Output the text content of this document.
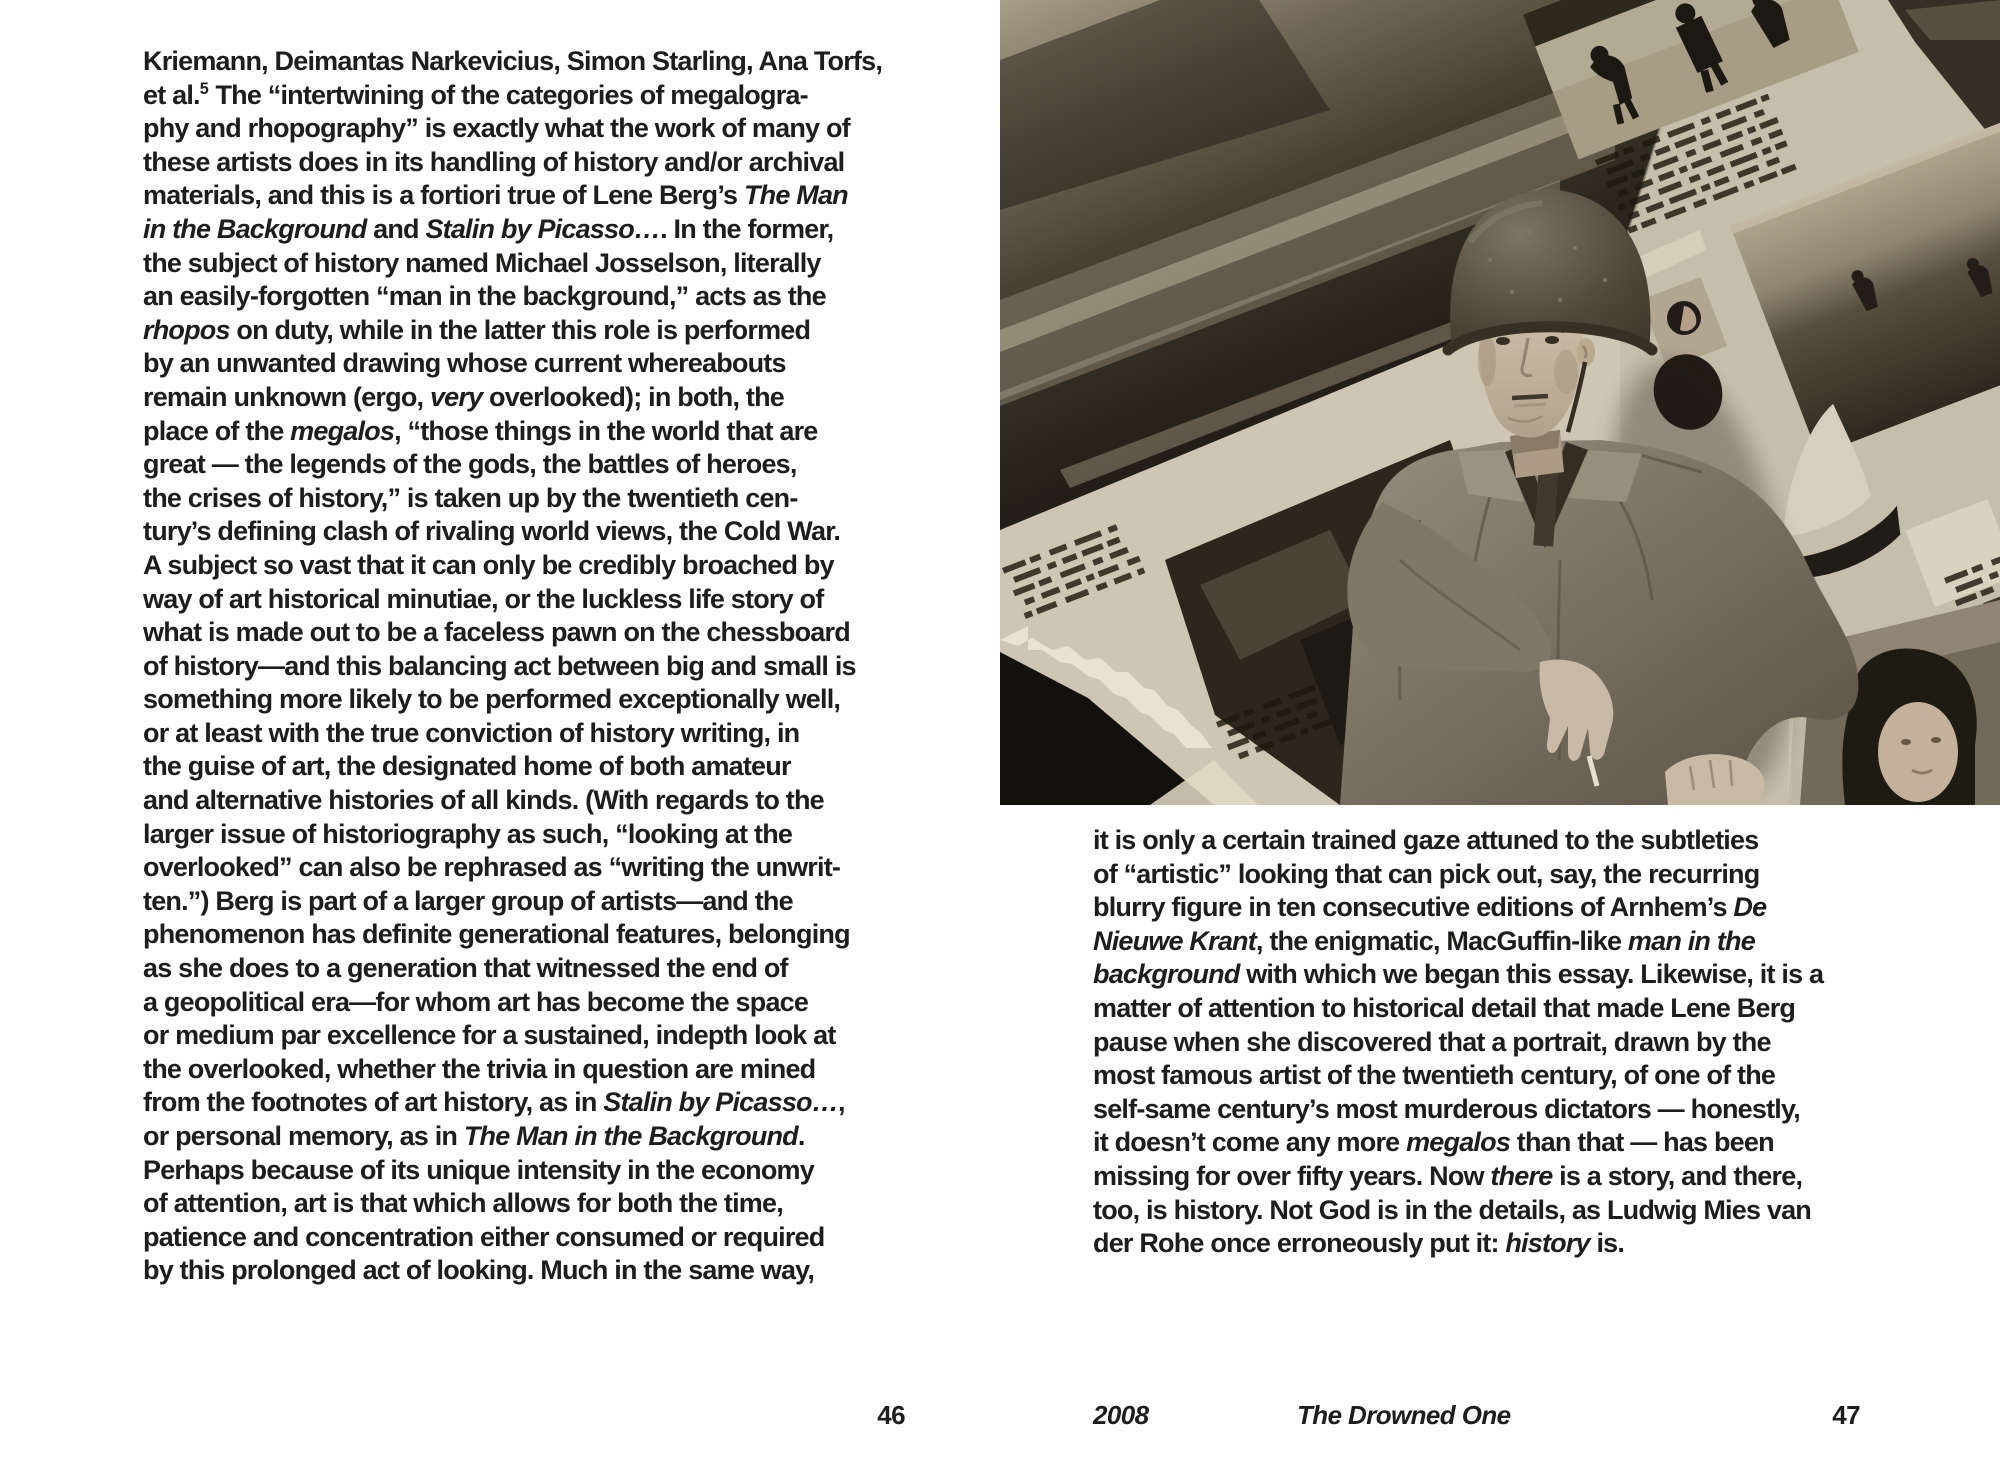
Kriemann, Deimantas Narkevicius, Simon Starling, Ana Torfs,
et al.$^5$ The “intertwining of the categories of megalogra-
phy and rhopography” is exactly what the work of many of
these artists does in its handling of history and/or archival
materials, and this is a fortiori true of Lene Berg’s The Man
in the Background and Stalin by Picasso…. In the former,
the subject of history named Michael Josselson, literally
an easily-forgotten “man in the background,” acts as the
rhopos on duty, while in the latter this role is performed
by an unwanted drawing whose current whereabouts
remain unknown (ergo, very overlooked); in both, the
place of the megalos, “those things in the world that are
great — the legends of the gods, the battles of heroes,
the crises of history,” is taken up by the twentieth cen-
tury’s defining clash of rivaling world views, the Cold War.
A subject so vast that it can only be credibly broached by
way of art historical minutiae, or the luckless life story of
what is made out to be a faceless pawn on the chessboard
of history—and this balancing act between big and small is
something more likely to be performed exceptionally well,
or at least with the true conviction of history writing, in
the guise of art, the designated home of both amateur
and alternative histories of all kinds. (With regards to the
larger issue of historiography as such, “looking at the
overlooked” can also be rephrased as “writing the unwrit-
ten.”) Berg is part of a larger group of artists—and the
phenomenon has definite generational features, belonging
as she does to a generation that witnessed the end of
a geopolitical era—for whom art has become the space
or medium par excellence for a sustained, indepth look at
the overlooked, whether the trivia in question are mined
from the footnotes of art history, as in Stalin by Picasso…,
or personal memory, as in The Man in the Background.
Perhaps because of its unique intensity in the economy
of attention, art is that which allows for both the time,
patience and concentration either consumed or required
by this prolonged act of looking. Much in the same way,
it is only a certain trained gaze attuned to the subtleties
of “artistic” looking that can pick out, say, the recurring
blurry figure in ten consecutive editions of Arnhem’s De
Nieuwe Krant, the enigmatic, MacGuffin-like man in the
background with which we began this essay. Likewise, it is a
matter of attention to historical detail that made Lene Berg
pause when she discovered that a portrait, drawn by the
most famous artist of the twentieth century, of one of the
self-same century’s most murderous dictators — honestly,
it doesn’t come any more megalos than that — has been
missing for over fifty years. Now there is a story, and there,
too, is history. Not God is in the details, as Ludwig Mies van
der Rohe once erroneously put it: history is.
46	2008	The Drowned One	47
